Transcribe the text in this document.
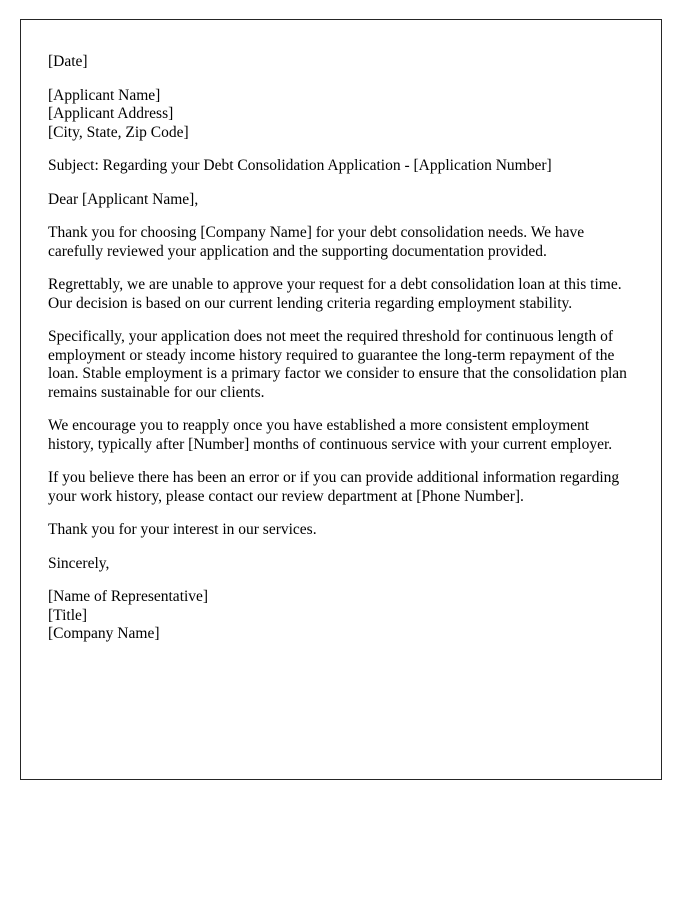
[Date]

[Applicant Name]

[Applicant Address]

[City, State, Zip Code]

Subject: Regarding your Debt Consolidation Application - [Application Number]

Dear [Applicant Name],

Thank you for choosing [Company Name] for your debt consolidation needs. We have carefully reviewed your application and the supporting documentation provided.

Regrettably, we are unable to approve your request for a debt consolidation loan at this time. Our decision is based on our current lending criteria regarding employment stability.

Specifically, your application does not meet the required threshold for continuous length of employment or steady income history required to guarantee the long-term repayment of the loan. Stable employment is a primary factor we consider to ensure that the consolidation plan remains sustainable for our clients.

We encourage you to reapply once you have established a more consistent employment history, typically after [Number] months of continuous service with your current employer.

If you believe there has been an error or if you can provide additional information regarding your work history, please contact our review department at [Phone Number].

Thank you for your interest in our services.

Sincerely,

[Name of Representative]

[Title]

[Company Name]
